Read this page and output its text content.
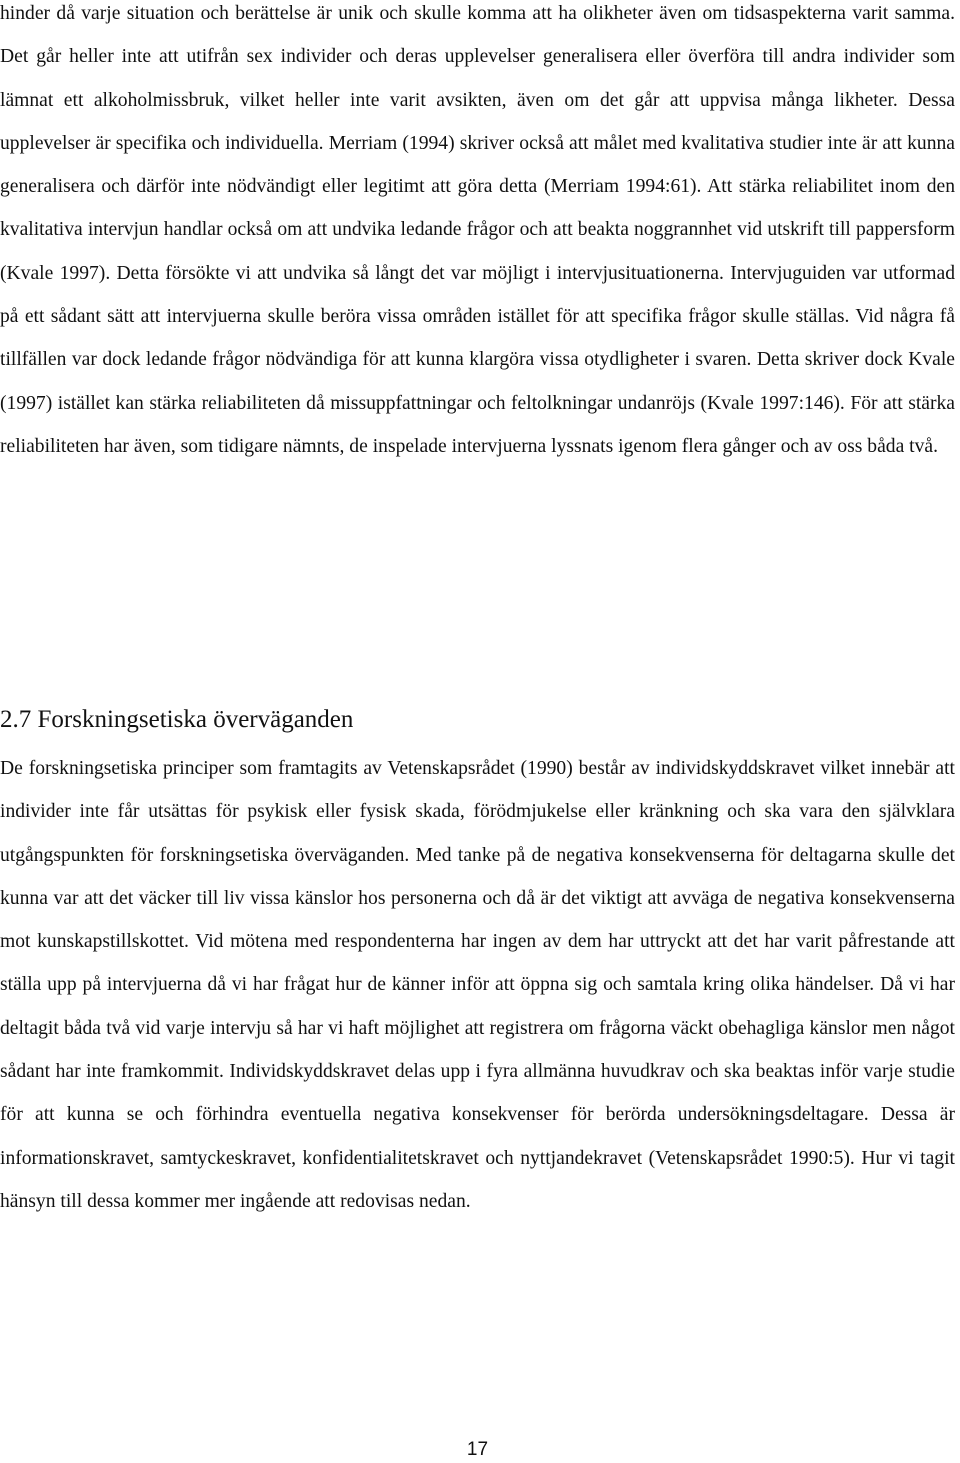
hinder då varje situation och berättelse är unik och skulle komma att ha olikheter även om tidsaspekterna varit samma. Det går heller inte att utifrån sex individer och deras upplevelser generalisera eller överföra till andra individer som lämnat ett alkoholmissbruk, vilket heller inte varit avsikten, även om det går att uppvisa många likheter. Dessa upplevelser är specifika och individuella. Merriam (1994) skriver också att målet med kvalitativa studier inte är att kunna generalisera och därför inte nödvändigt eller legitimt att göra detta (Merriam 1994:61). Att stärka reliabilitet inom den kvalitativa intervjun handlar också om att undvika ledande frågor och att beakta noggrannhet vid utskrift till pappersform (Kvale 1997). Detta försökte vi att undvika så långt det var möjligt i intervjusituationerna. Intervjuguiden var utformad på ett sådant sätt att intervjuerna skulle beröra vissa områden istället för att specifika frågor skulle ställas. Vid några få tillfällen var dock ledande frågor nödvändiga för att kunna klargöra vissa otydligheter i svaren. Detta skriver dock Kvale (1997) istället kan stärka reliabiliteten då missuppfattningar och feltolkningar undanröjs (Kvale 1997:146). För att stärka reliabiliteten har även, som tidigare nämnts, de inspelade intervjuerna lyssnats igenom flera gånger och av oss båda två.

2.7 Forskningsetiska överväganden

De forskningsetiska principer som framtagits av Vetenskapsrådet (1990) består av individskyddskravet vilket innebär att individer inte får utsättas för psykisk eller fysisk skada, förödmjukelse eller kränkning och ska vara den självklara utgångspunkten för forskningsetiska överväganden. Med tanke på de negativa konsekvenserna för deltagarna skulle det kunna var att det väcker till liv vissa känslor hos personerna och då är det viktigt att avväga de negativa konsekvenserna mot kunskapstillskottet. Vid mötena med respondenterna har ingen av dem har uttryckt att det har varit påfrestande att ställa upp på intervjuerna då vi har frågat hur de känner inför att öppna sig och samtala kring olika händelser. Då vi har deltagit båda två vid varje intervju så har vi haft möjlighet att registrera om frågorna väckt obehagliga känslor men något sådant har inte framkommit. Individskyddskravet delas upp i fyra allmänna huvudkrav och ska beaktas inför varje studie för att kunna se och förhindra eventuella negativa konsekvenser för berörda undersökningsdeltagare. Dessa är informationskravet, samtyckeskravet, konfidentialitetskravet och nyttjandekravet (Vetenskapsrådet 1990:5). Hur vi tagit hänsyn till dessa kommer mer ingående att redovisas nedan.

17
